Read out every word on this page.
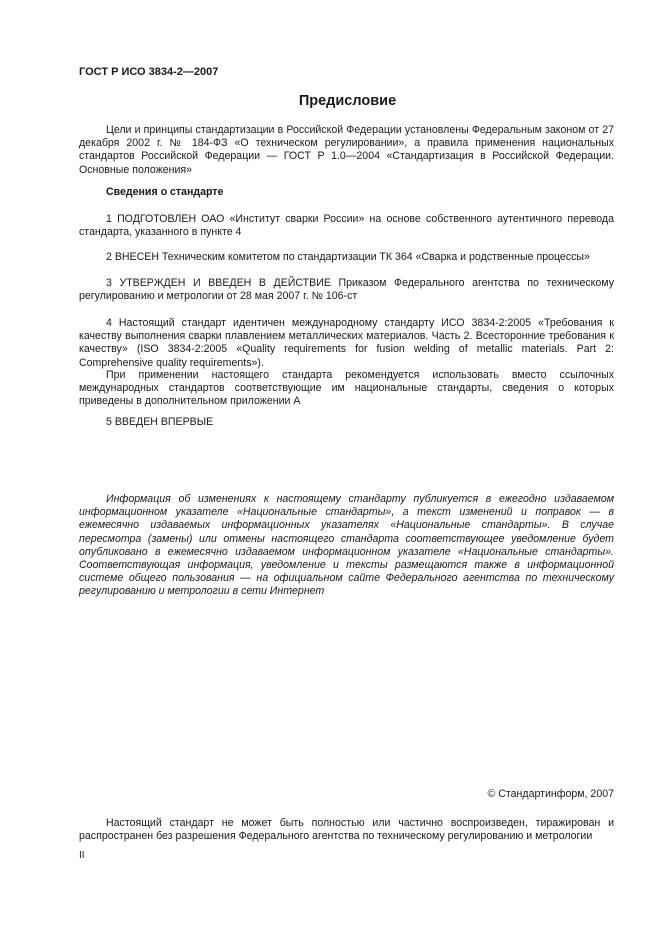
ГОСТ Р ИСО 3834-2—2007
Предисловие

Цели и принципы стандартизации в Российской Федерации установлены Федеральным законом от 27 декабря 2002 г. № 184-ФЗ «О техническом регулировании», а правила применения национальных стандартов Российской Федерации — ГОСТ Р 1.0—2004 «Стандартизация в Российской Федерации. Основные положения»

Сведения о стандарте

1 ПОДГОТОВЛЕН ОАО «Институт сварки России» на основе собственного аутентичного перевода стандарта, указанного в пункте 4

2 ВНЕСЕН Техническим комитетом по стандартизации ТК 364 «Сварка и родственные процессы»

3 УТВЕРЖДЕН И ВВЕДЕН В ДЕЙСТВИЕ Приказом Федерального агентства по техническому регулированию и метрологии от 28 мая 2007 г. № 106-ст

4 Настоящий стандарт идентичен международному стандарту ИСО 3834-2:2005 «Требования к качеству выполнения сварки плавлением металлических материалов. Часть 2. Всесторонние требования к качеству» (ISO 3834-2:2005 «Quality requirements for fusion welding of metallic materials. Part 2: Comprehensive quality requirements»).

При применении настоящего стандарта рекомендуется использовать вместо ссылочных международных стандартов соответствующие им национальные стандарты, сведения о которых приведены в дополнительном приложении А

5 ВВЕДЕН ВПЕРВЫЕ

Информация об изменениях к настоящему стандарту публикуется в ежегодно издаваемом информационном указателе «Национальные стандарты», а текст изменений и поправок — в ежемесячно издаваемых информационных указателях «Национальные стандарты». В случае пересмотра (замены) или отмены настоящего стандарта соответствующее уведомление будет опубликовано в ежемесячно издаваемом информационном указателе «Национальные стандарты». Соответствующая информация, уведомление и тексты размещаются также в информационной системе общего пользования — на официальном сайте Федерального агентства по техническому регулированию и метрологии в сети Интернет

© Стандартинформ, 2007

Настоящий стандарт не может быть полностью или частично воспроизведен, тиражирован и распространен без разрешения Федерального агентства по техническому регулированию и метрологии

II
